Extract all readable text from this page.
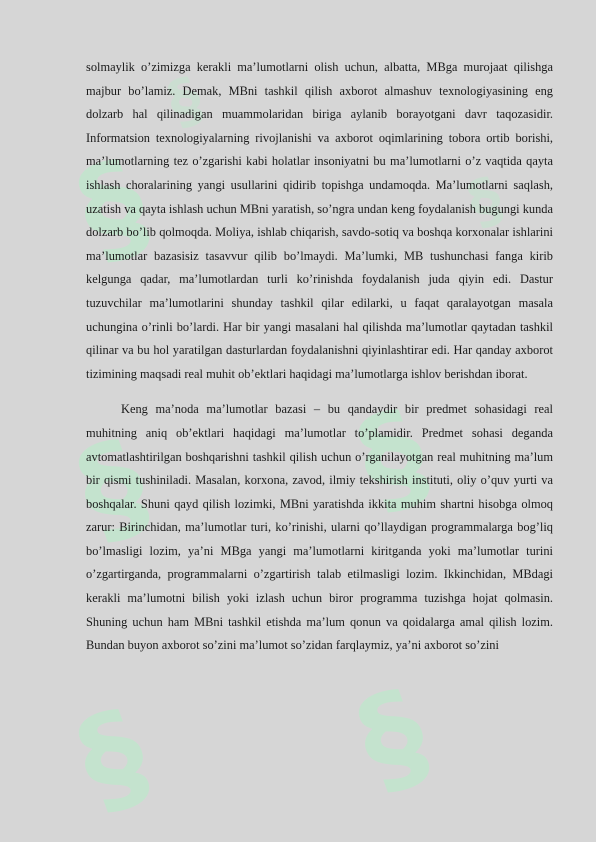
§
§
§
§
§
§
§

solmaylik o’zimizga kerakli ma’lumotlarni olish uchun, albatta, MBga murojaat qilishga majbur bo’lamiz. Demak, MBni tashkil qilish axborot almashuv texnologiyasining eng dolzarb hal qilinadigan muammolaridan biriga aylanib borayotgani davr taqozasidir. Informatsion texnologiyalarning rivojlanishi va axborot oqimlarining tobora ortib borishi, ma’lumotlarning tez o’zgarishi kabi holatlar insoniyatni bu ma’lumotlarni o’z vaqtida qayta ishlash choralarining yangi usullarini qidirib topishga undamoqda. Ma’lumotlarni saqlash, uzatish va qayta ishlash uchun MBni yaratish, so’ngra undan keng foydalanish bugungi kunda dolzarb bo’lib qolmoqda. Moliya, ishlab chiqarish, savdo-sotiq va boshqa korxonalar ishlarini ma’lumotlar bazasisiz tasavvur qilib bo’lmaydi. Ma’lumki, MB tushunchasi fanga kirib kelgunga qadar, ma’lumotlardan turli ko’rinishda foydalanish juda qiyin edi. Dastur tuzuvchilar ma’lumotlarini shunday tashkil qilar edilarki, u faqat qaralayotgan masala uchungina o’rinli bo’lardi. Har bir yangi masalani hal qilishda ma’lumotlar qaytadan tashkil qilinar va bu hol yaratilgan dasturlardan foydalanishni qiyinlashtirar edi. Har qanday axborot tizimining maqsadi real muhit ob’ektlari haqidagi ma’lumotlarga ishlov berishdan iborat.

Keng ma’noda ma’lumotlar bazasi – bu qandaydir bir predmet sohasidagi real muhitning aniq ob’ektlari haqidagi ma’lumotlar to’plamidir. Predmet sohasi deganda avtomatlashtirilgan boshqarishni tashkil qilish uchun o’rganilayotgan real muhitning ma’lum bir qismi tushiniladi. Masalan, korxona, zavod, ilmiy tekshirish instituti, oliy o’quv yurti va boshqalar. Shuni qayd qilish lozimki, MBni yaratishda ikkita muhim shartni hisobga olmoq zarur: Birinchidan, ma’lumotlar turi, ko’rinishi, ularni qo’llaydigan programmalarga bog’liq bo’lmasligi lozim, ya’ni MBga yangi ma’lumotlarni kiritganda yoki ma’lumotlar turini o’zgartirganda, programmalarni o’zgartirish talab etilmasligi lozim. Ikkinchidan, MBdagi kerakli ma’lumotni bilish yoki izlash uchun biror programma tuzishga hojat qolmasin. Shuning uchun ham MBni tashkil etishda ma’lum qonun va qoidalarga amal qilish lozim. Bundan buyon axborot so’zini ma’lumot so’zidan farqlaymiz, ya’ni axborot so’zini
